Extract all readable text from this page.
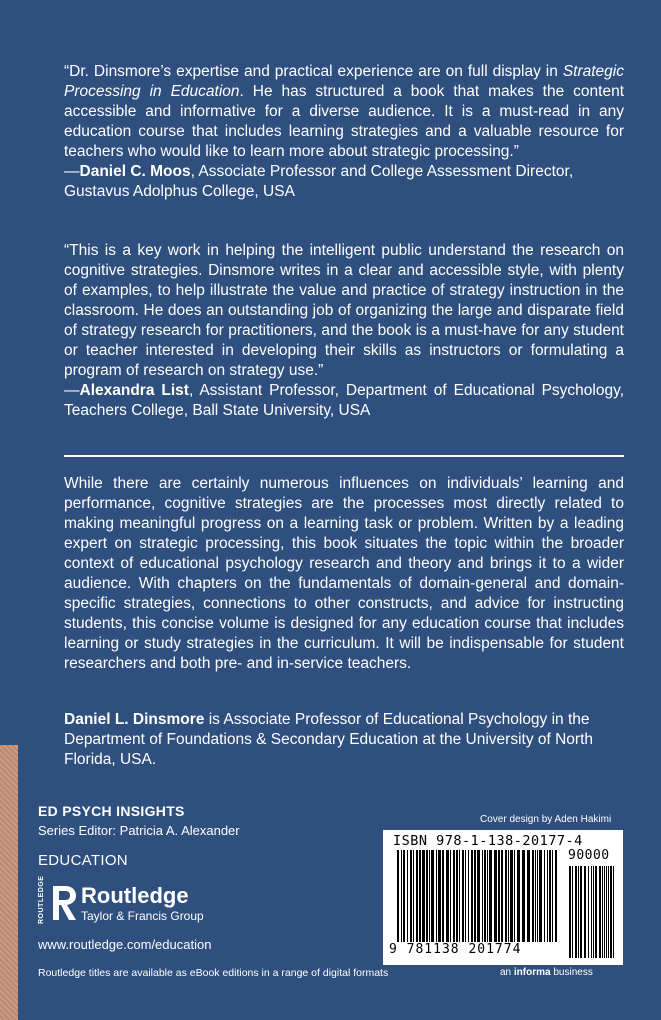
“Dr. Dinsmore’s expertise and practical experience are on full display in Strategic Processing in Education. He has structured a book that makes the content accessible and informative for a diverse audience. It is a must-read in any education course that includes learning strategies and a valuable resource for teachers who would like to learn more about strategic processing.”

—Daniel C. Moos, Associate Professor and College Assessment Director, Gustavus Adolphus College, USA

“This is a key work in helping the intelligent public understand the research on cognitive strategies. Dinsmore writes in a clear and accessible style, with plenty of examples, to help illustrate the value and practice of strategy instruction in the classroom. He does an outstanding job of organizing the large and disparate field of strategy research for practitioners, and the book is a must-have for any student or teacher interested in developing their skills as instructors or formulating a program of research on strategy use.”

—Alexandra List, Assistant Professor, Department of Educational Psychology, Teachers College, Ball State University, USA

While there are certainly numerous influences on individuals’ learning and performance, cognitive strategies are the processes most directly related to making meaningful progress on a learning task or problem. Written by a leading expert on strategic processing, this book situates the topic within the broader context of educational psychology research and theory and brings it to a wider audience. With chapters on the fundamentals of domain-general and domain-specific strategies, connections to other constructs, and advice for instructing students, this concise volume is designed for any education course that includes learning or study strategies in the curriculum. It will be indispensable for student researchers and both pre- and in-service teachers.

Daniel L. Dinsmore is Associate Professor of Educational Psychology in the Department of Foundations & Secondary Education at the University of North Florida, USA.

ED PSYCH INSIGHTS
Series Editor: Patricia A. Alexander
EDUCATION
ROUTLEDGE Routledge
Taylor & Francis Group
www.routledge.com/education
Routledge titles are available as eBook editions in a range of digital formats
Cover design by Aden Hakimi
ISBN 978-1-138-20177-4
90000
9 781138 201774
an informa business
